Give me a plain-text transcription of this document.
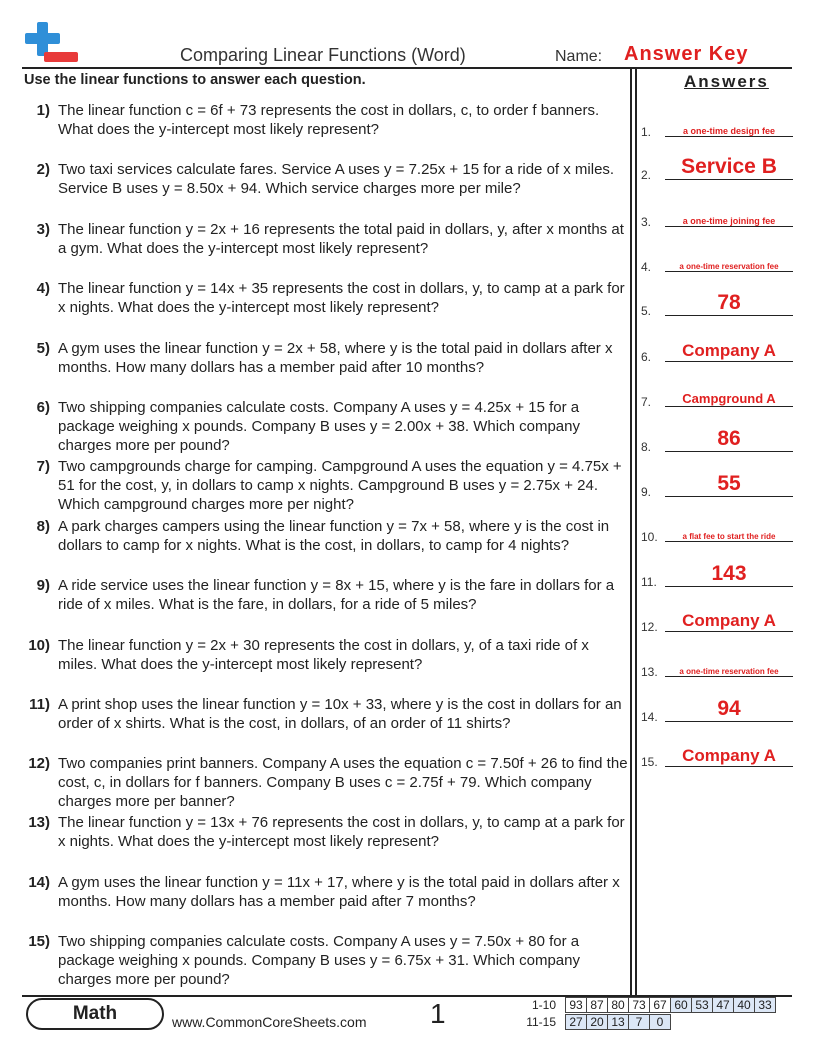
Comparing Linear Functions (Word)	Name: Answer Key
Use the linear functions to answer each question.	Answers
1) The linear function c = 6f + 73 represents the cost in dollars, c, to order f banners. What does the y-intercept most likely represent?
2) Two taxi services calculate fares. Service A uses y = 7.25x + 15 for a ride of x miles. Service B uses y = 8.50x + 94. Which service charges more per mile?
3) The linear function y = 2x + 16 represents the total paid in dollars, y, after x months at a gym. What does the y-intercept most likely represent?
4) The linear function y = 14x + 35 represents the cost in dollars, y, to camp at a park for x nights. What does the y-intercept most likely represent?
5) A gym uses the linear function y = 2x + 58, where y is the total paid in dollars after x months. How many dollars has a member paid after 10 months?
6) Two shipping companies calculate costs. Company A uses y = 4.25x + 15 for a package weighing x pounds. Company B uses y = 2.00x + 38. Which company charges more per pound?
7) Two campgrounds charge for camping. Campground A uses the equation y = 4.75x + 51 for the cost, y, in dollars to camp x nights. Campground B uses y = 2.75x + 24. Which campground charges more per night?
8) A park charges campers using the linear function y = 7x + 58, where y is the cost in dollars to camp for x nights. What is the cost, in dollars, to camp for 4 nights?
9) A ride service uses the linear function y = 8x + 15, where y is the fare in dollars for a ride of x miles. What is the fare, in dollars, for a ride of 5 miles?
10) The linear function y = 2x + 30 represents the cost in dollars, y, of a taxi ride of x miles. What does the y-intercept most likely represent?
11) A print shop uses the linear function y = 10x + 33, where y is the cost in dollars for an order of x shirts. What is the cost, in dollars, of an order of 11 shirts?
12) Two companies print banners. Company A uses the equation c = 7.50f + 26 to find the cost, c, in dollars for f banners. Company B uses c = 2.75f + 79. Which company charges more per banner?
13) The linear function y = 13x + 76 represents the cost in dollars, y, to camp at a park for x nights. What does the y-intercept most likely represent?
14) A gym uses the linear function y = 11x + 17, where y is the total paid in dollars after x months. How many dollars has a member paid after 7 months?
15) Two shipping companies calculate costs. Company A uses y = 7.50x + 80 for a package weighing x pounds. Company B uses y = 6.75x + 31. Which company charges more per pound?
1.	a one-time design fee
2.	Service B
3.	a one-time joining fee
4.	a one-time reservation fee
5.	78
6.	Company A
7.	Campground A
8.	86
9.	55
10.	a flat fee to start the ride
11.	143
12.	Company A
13.	a one-time reservation fee
14.	94
15.	Company A
Math	www.CommonCoreSheets.com 1	1-10 93	87	80	73	67	60	53	47	40	33
11-15 27	20	13	7	0
